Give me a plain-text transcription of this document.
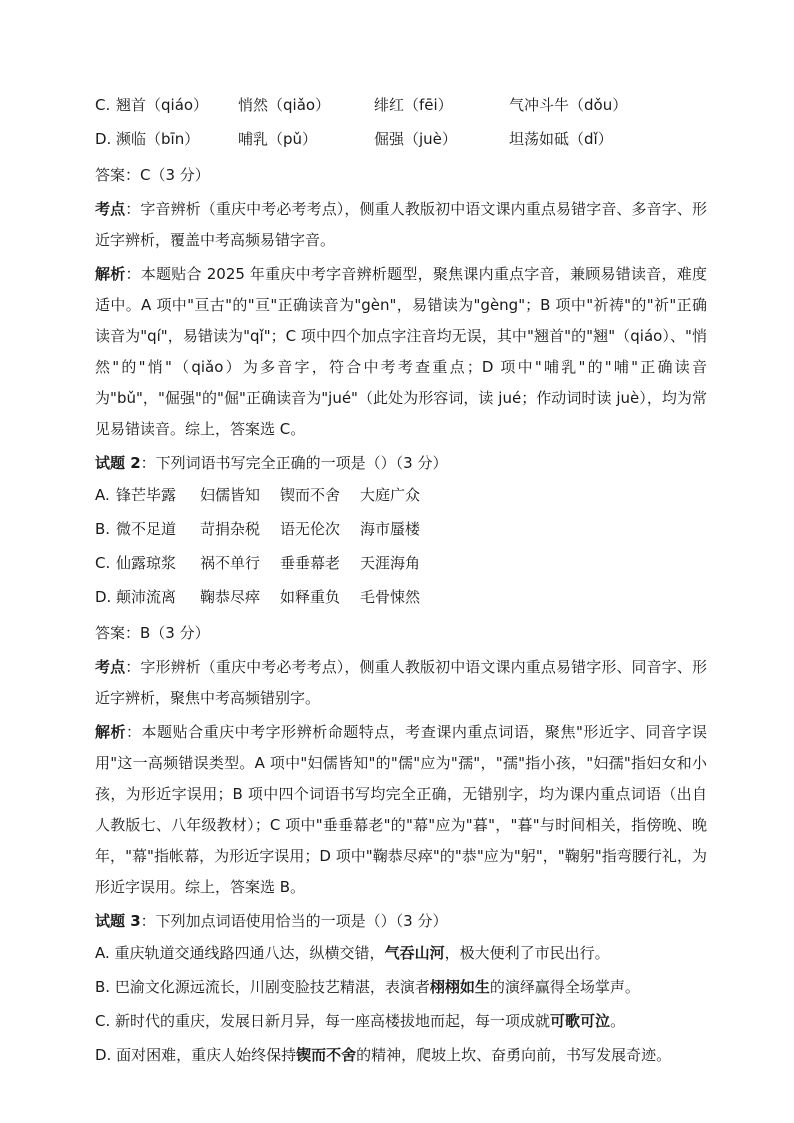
C. 翘首（qiáo） 悄然（qiǎo）	绯红（fēi）	气冲斗牛（dǒu）
D. 濒临（bīn）	哺乳（pǔ）	倔强（juè）	坦荡如砥（dǐ）

答案：C（3 分）

考点：字音辨析（重庆中考必考考点），侧重人教版初中语文课内重点易错字音、多音字、形近字辨析，覆盖中考高频易错字音。

解析：本题贴合 2025 年重庆中考字音辨析题型，聚焦课内重点字音，兼顾易错读音，难度适中。A 项中"亘古"的"亘"正确读音为"gèn"，易错读为"gèng"；B 项中"祈祷"的"祈"正确读音为"qí"，易错读为"qǐ"；C 项中四个加点字注音均无误，其中"翘首"的"翘"（qiáo）、"悄然"的"悄"（qiǎo）为多音字，符合中考考查重点；D 项中"哺乳"的"哺"正确读音为"bǔ"，"倔强"的"倔"正确读音为"jué"（此处为形容词，读 jué；作动词时读 juè），均为常见易错读音。综上，答案选 C。

试题 2：下列词语书写完全正确的一项是（）（3 分）

A. 锋芒毕露 妇儒皆知 锲而不舍 大庭广众
B. 微不足道 苛捐杂税 语无伦次 海市蜃楼
C. 仙露琼浆 祸不单行 垂垂幕老 天涯海角
D. 颠沛流离 鞠恭尽瘁 如释重负 毛骨悚然

答案：B（3 分）

考点：字形辨析（重庆中考必考考点），侧重人教版初中语文课内重点易错字形、同音字、形近字辨析，聚焦中考高频错别字。

解析：本题贴合重庆中考字形辨析命题特点，考查课内重点词语，聚焦"形近字、同音字误用"这一高频错误类型。A 项中"妇儒皆知"的"儒"应为"孺"，"孺"指小孩，"妇孺"指妇女和小孩，为形近字误用；B 项中四个词语书写均完全正确，无错别字，均为课内重点词语（出自人教版七、八年级教材）；C 项中"垂垂幕老"的"幕"应为"暮"，"暮"与时间相关，指傍晚、晚年，"幕"指帐幕，为形近字误用；D 项中"鞠恭尽瘁"的"恭"应为"躬"，"鞠躬"指弯腰行礼，为形近字误用。综上，答案选 B。

试题 3：下列加点词语使用恰当的一项是（）（3 分）

A. 重庆轨道交通线路四通八达，纵横交错，气吞山河，极大便利了市民出行。
B. 巴渝文化源远流长，川剧变脸技艺精湛，表演者栩栩如生的演绎赢得全场掌声。
C. 新时代的重庆，发展日新月异，每一座高楼拔地而起，每一项成就可歌可泣。
D. 面对困难，重庆人始终保持锲而不舍的精神，爬坡上坎、奋勇向前，书写发展奇迹。
